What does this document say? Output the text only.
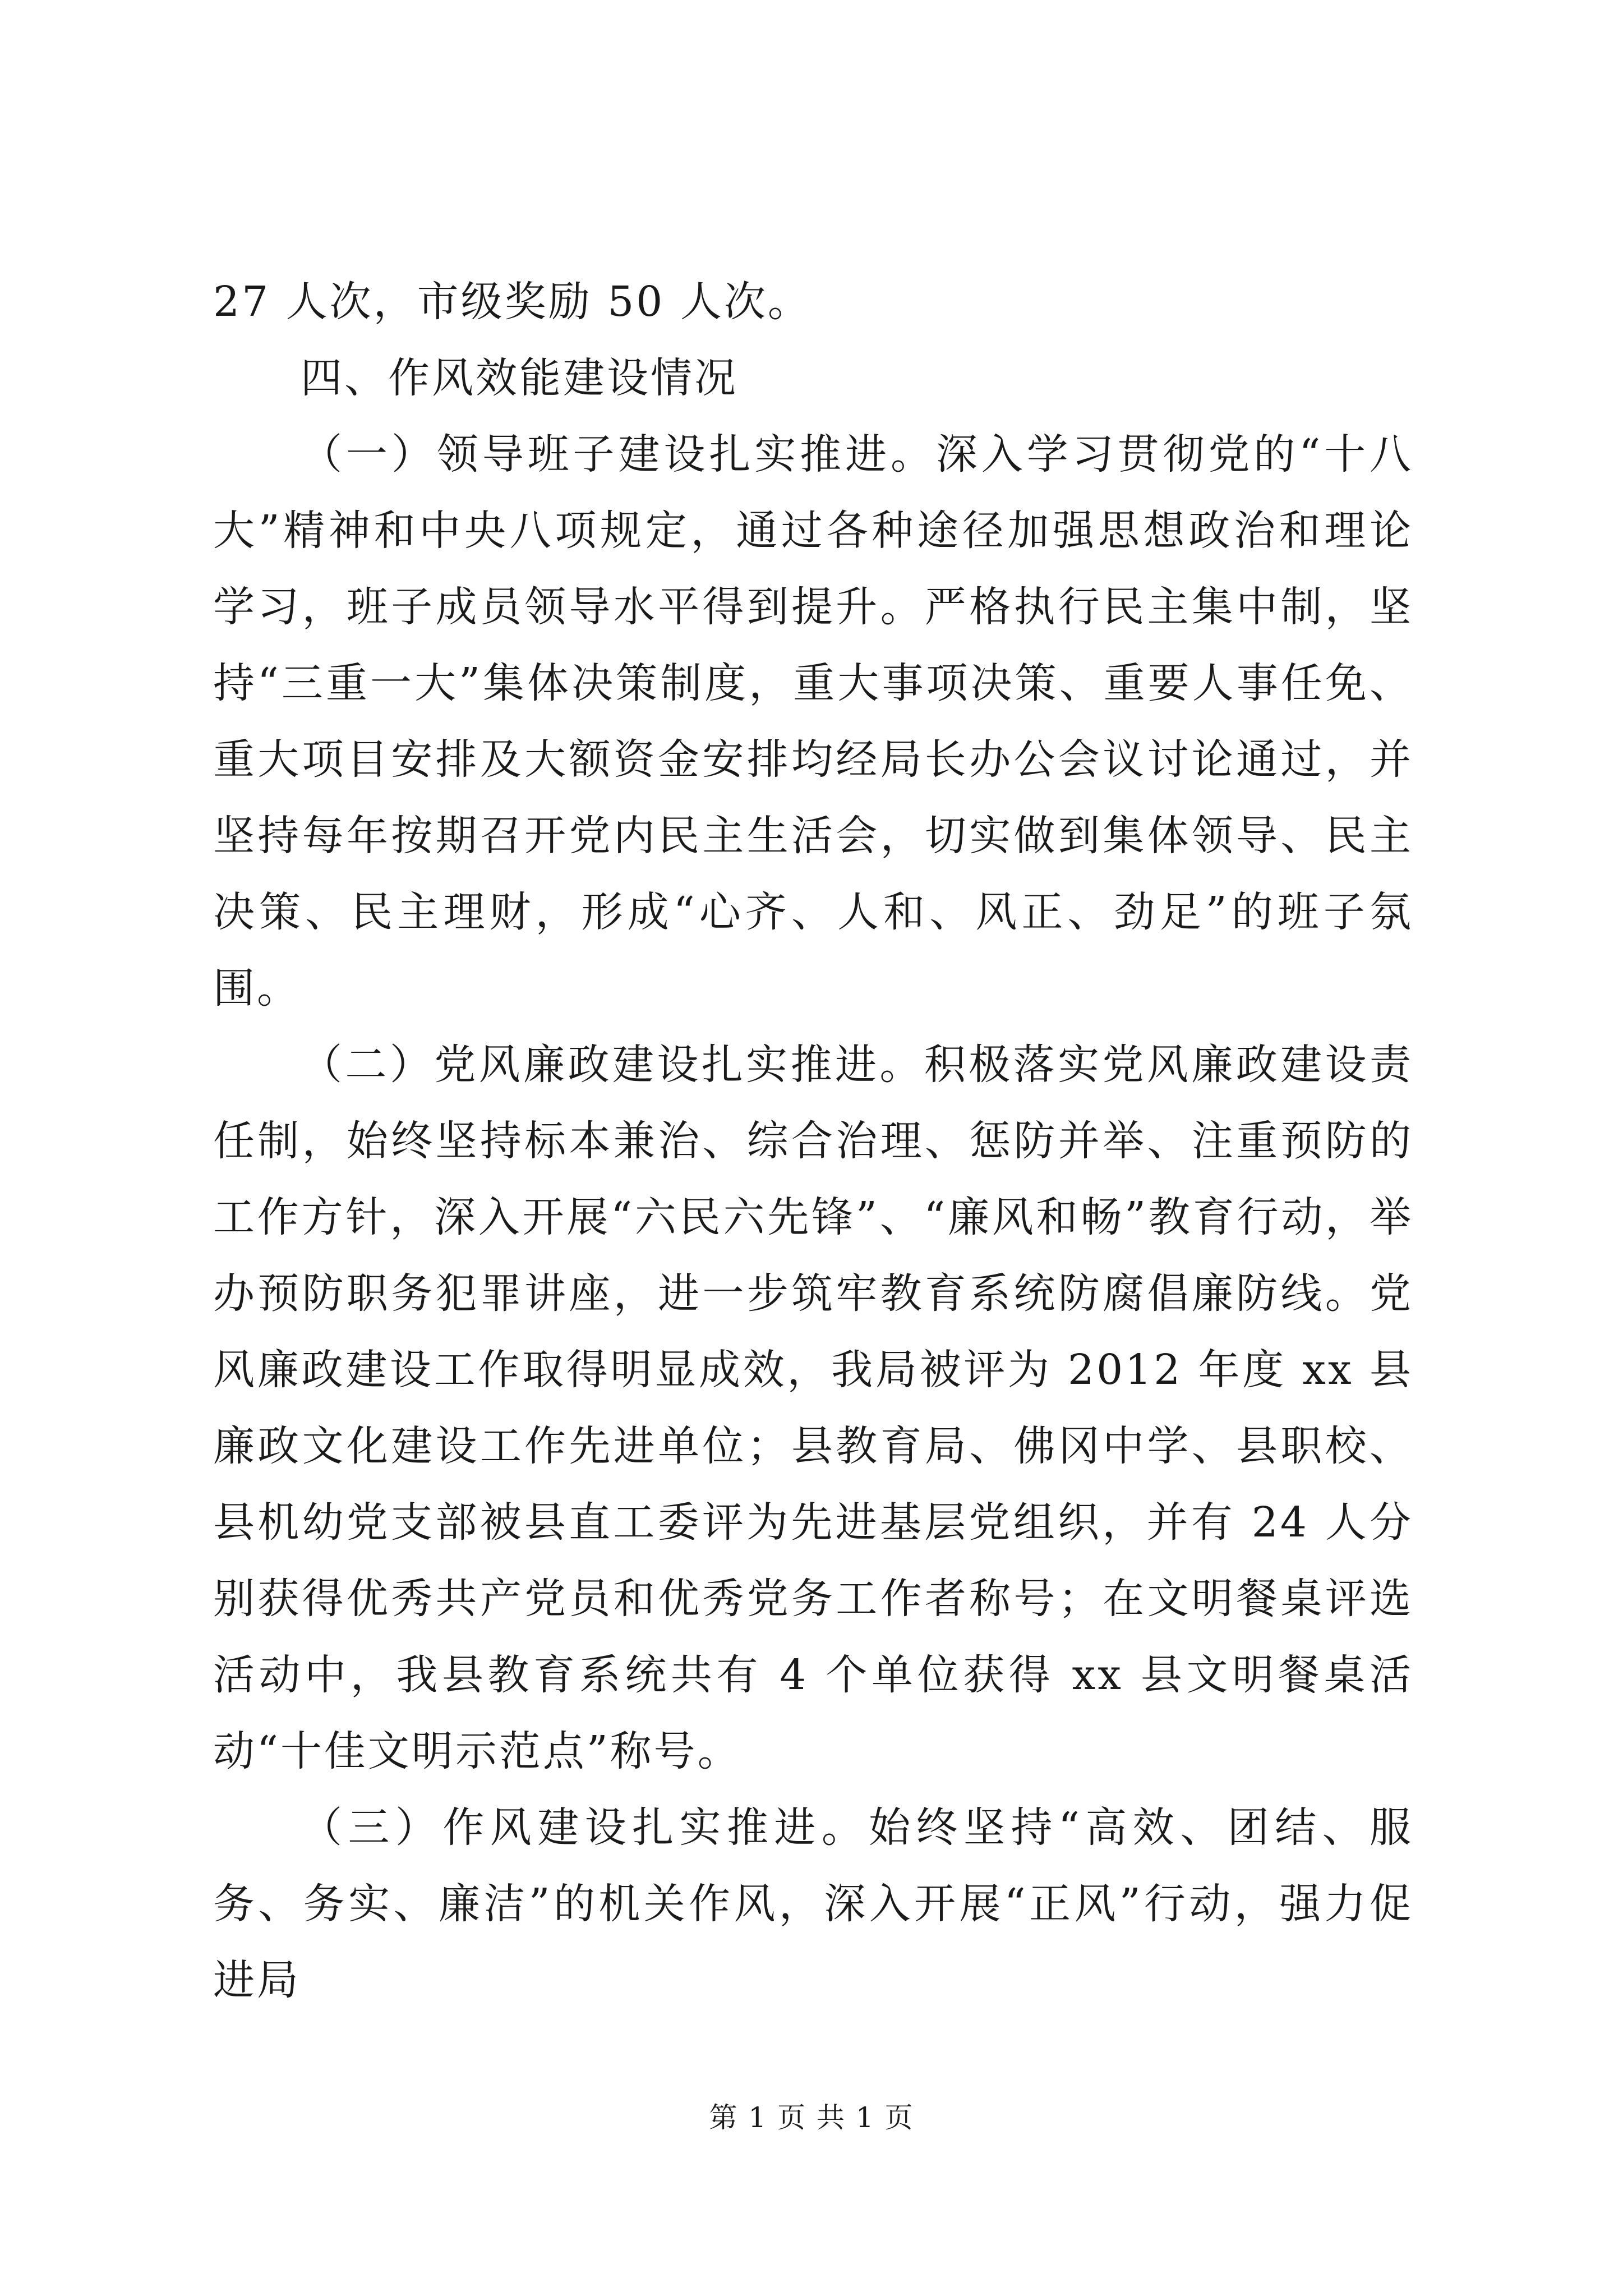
27 人次，市级奖励 50 人次。

四、作风效能建设情况

（一）领导班子建设扎实推进。深入学习贯彻党的“十八大”精神和中央八项规定，通过各种途径加强思想政治和理论学习，班子成员领导水平得到提升。严格执行民主集中制，坚持“三重一大”集体决策制度，重大事项决策、重要人事任免、重大项目安排及大额资金安排均经局长办公会议讨论通过，并坚持每年按期召开党内民主生活会，切实做到集体领导、民主决策、民主理财，形成“心齐、人和、风正、劲足”的班子氛围。

（二）党风廉政建设扎实推进。积极落实党风廉政建设责任制，始终坚持标本兼治、综合治理、惩防并举、注重预防的工作方针，深入开展“六民六先锋”、“廉风和畅”教育行动，举办预防职务犯罪讲座，进一步筑牢教育系统防腐倡廉防线。党风廉政建设工作取得明显成效，我局被评为 2012 年度 xx 县廉政文化建设工作先进单位；县教育局、佛冈中学、县职校、县机幼党支部被县直工委评为先进基层党组织，并有 24 人分别获得优秀共产党员和优秀党务工作者称号；在文明餐桌评选活动中，我县教育系统共有 4 个单位获得 xx 县文明餐桌活动“十佳文明示范点”称号。

（三）作风建设扎实推进。始终坚持“高效、团结、服务、务实、廉洁”的机关作风，深入开展“正风”行动，强力促进局

第 1 页 共 1 页
